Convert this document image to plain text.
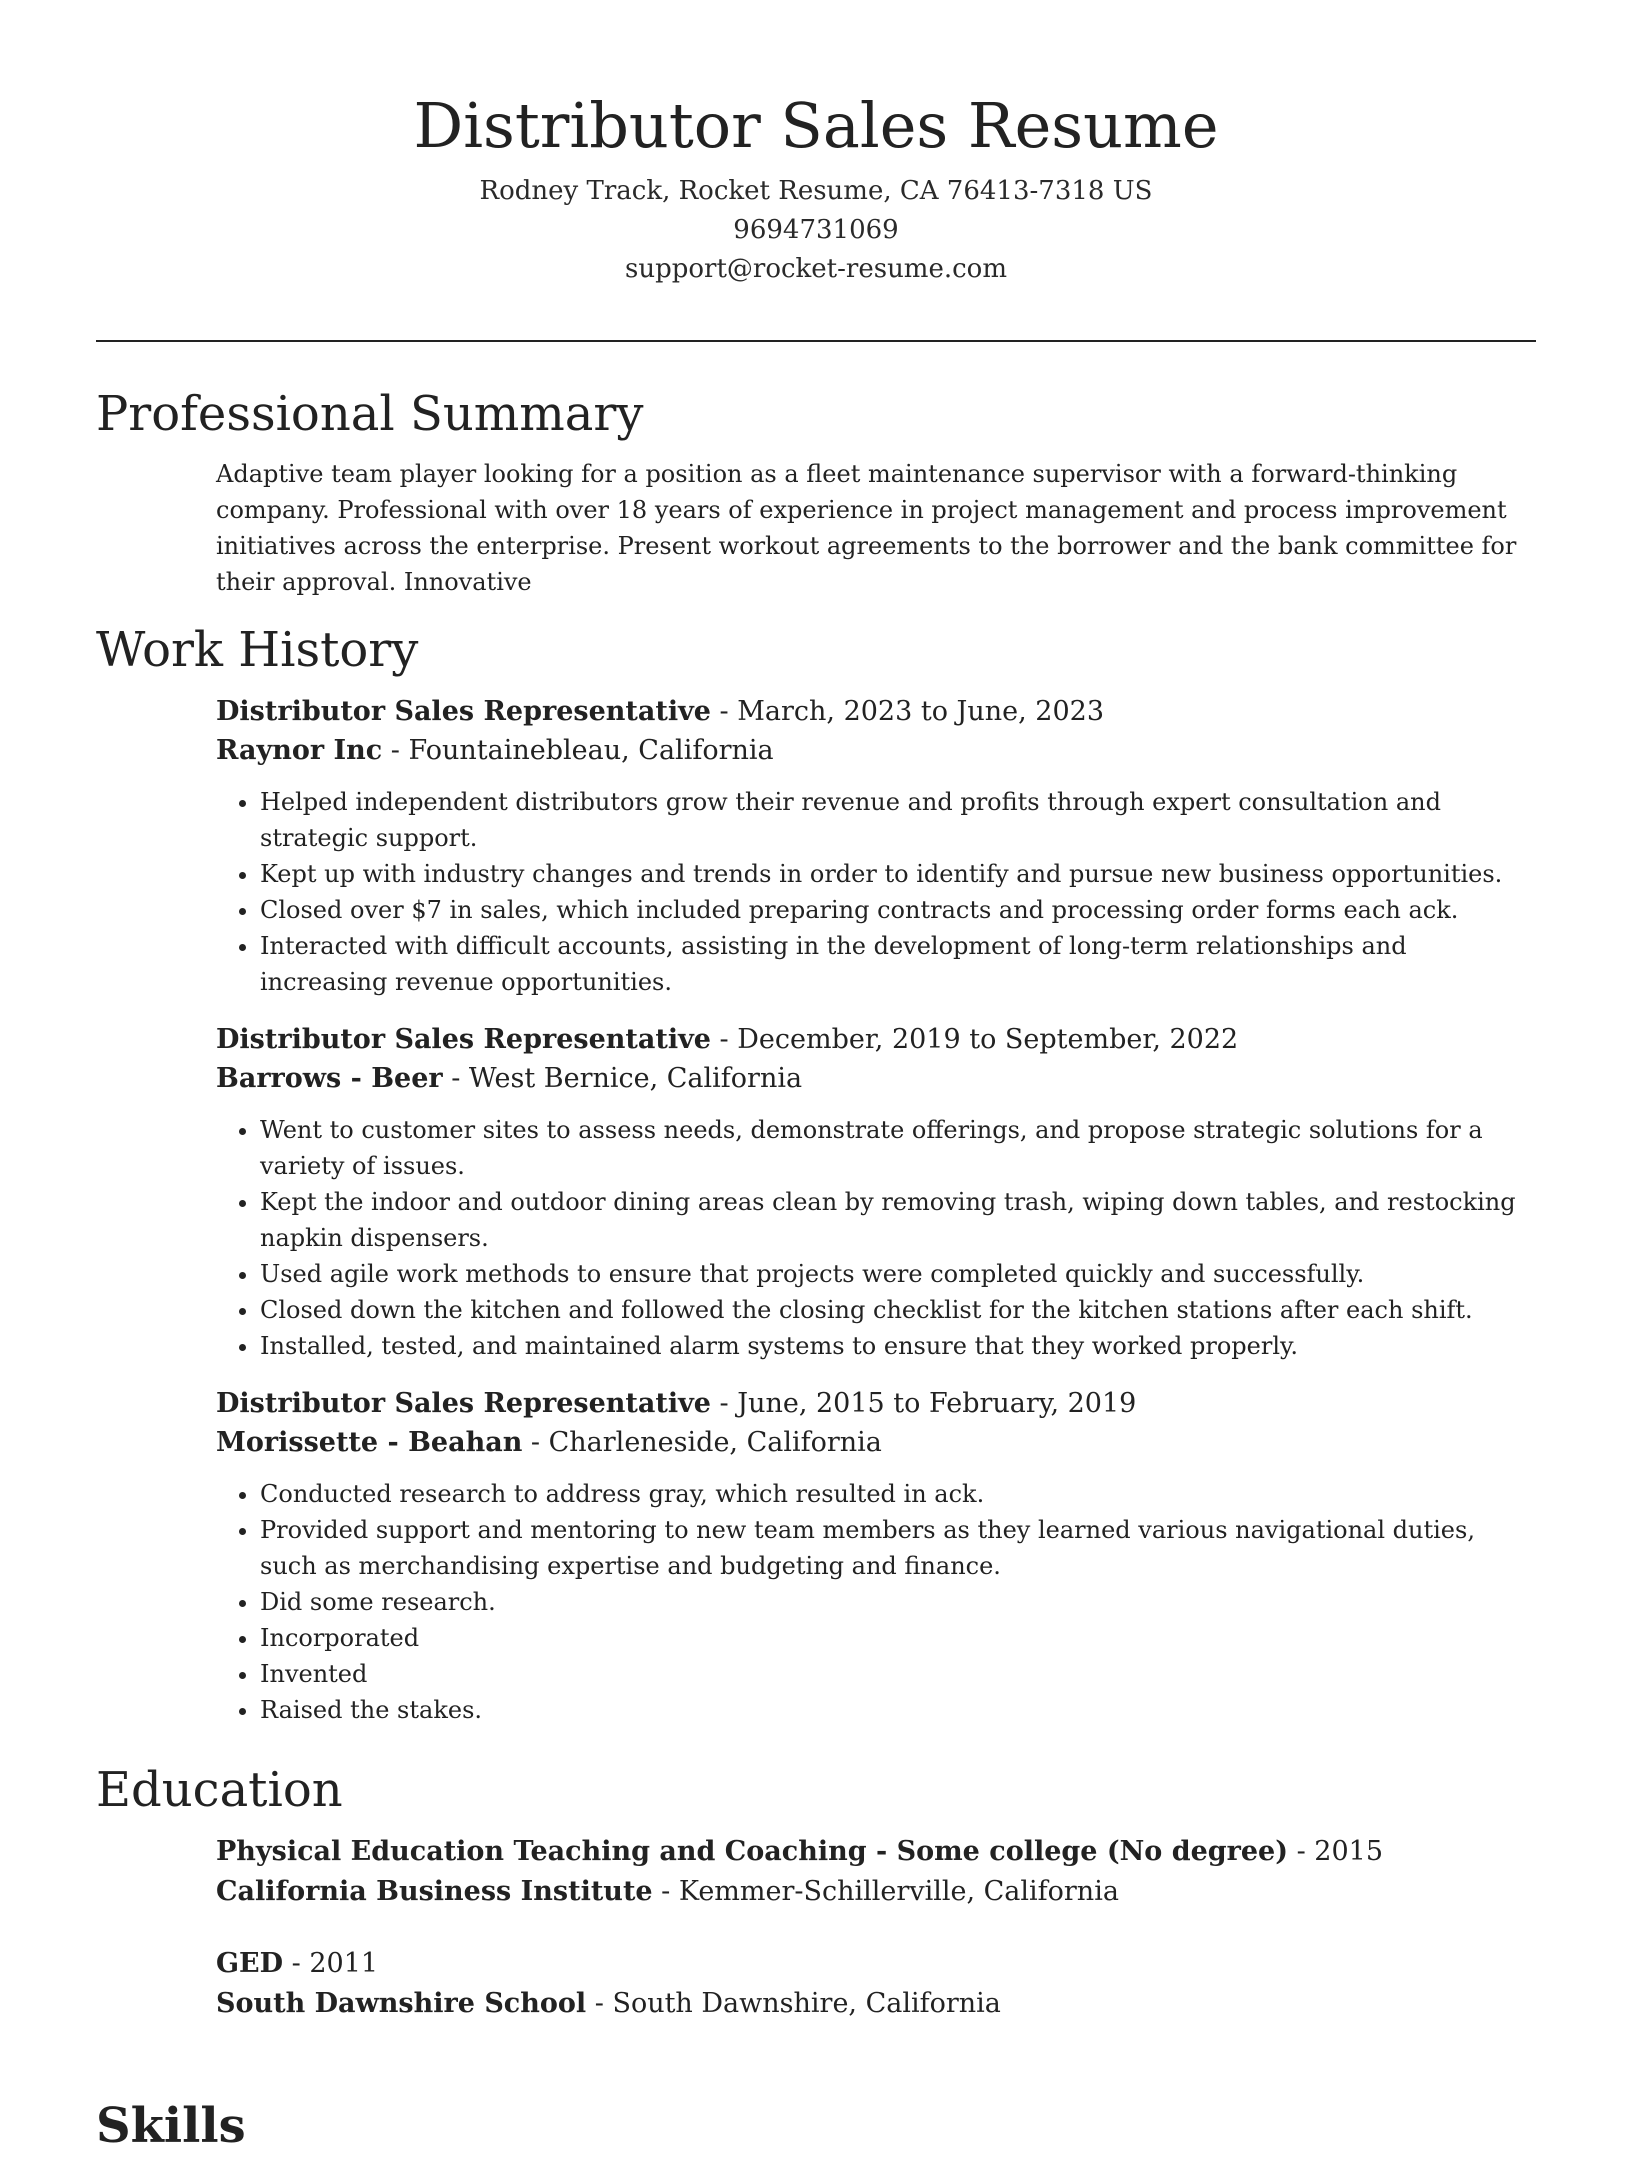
Distributor Sales Resume

Rodney Track, Rocket Resume, CA 76413-7318 US

9694731069

support@rocket-resume.com

Professional Summary

Adaptive team player looking for a position as a fleet maintenance supervisor with a forward-thinking company. Professional with over 18 years of experience in project management and process improvement initiatives across the enterprise. Present workout agreements to the borrower and the bank committee for their approval. Innovative

Work History

Distributor Sales Representative - March, 2023 to June, 2023

Raynor Inc - Fountainebleau, California

• Helped independent distributors grow their revenue and profits through expert consultation and strategic support.
• Kept up with industry changes and trends in order to identify and pursue new business opportunities.
• Closed over $7 in sales, which included preparing contracts and processing order forms each ack.
• Interacted with difficult accounts, assisting in the development of long-term relationships and increasing revenue opportunities.

Distributor Sales Representative - December, 2019 to September, 2022

Barrows - Beer - West Bernice, California

• Went to customer sites to assess needs, demonstrate offerings, and propose strategic solutions for a variety of issues.
• Kept the indoor and outdoor dining areas clean by removing trash, wiping down tables, and restocking napkin dispensers.
• Used agile work methods to ensure that projects were completed quickly and successfully.
• Closed down the kitchen and followed the closing checklist for the kitchen stations after each shift.
• Installed, tested, and maintained alarm systems to ensure that they worked properly.

Distributor Sales Representative - June, 2015 to February, 2019

Morissette - Beahan - Charleneside, California

• Conducted research to address gray, which resulted in ack.
• Provided support and mentoring to new team members as they learned various navigational duties, such as merchandising expertise and budgeting and finance.
• Did some research.
• Incorporated
• Invented
• Raised the stakes.
Education

Physical Education Teaching and Coaching - Some college (No degree) - 2015

California Business Institute - Kemmer-Schillerville, California

GED - 2011

South Dawnshire School - South Dawnshire, California

Skills
